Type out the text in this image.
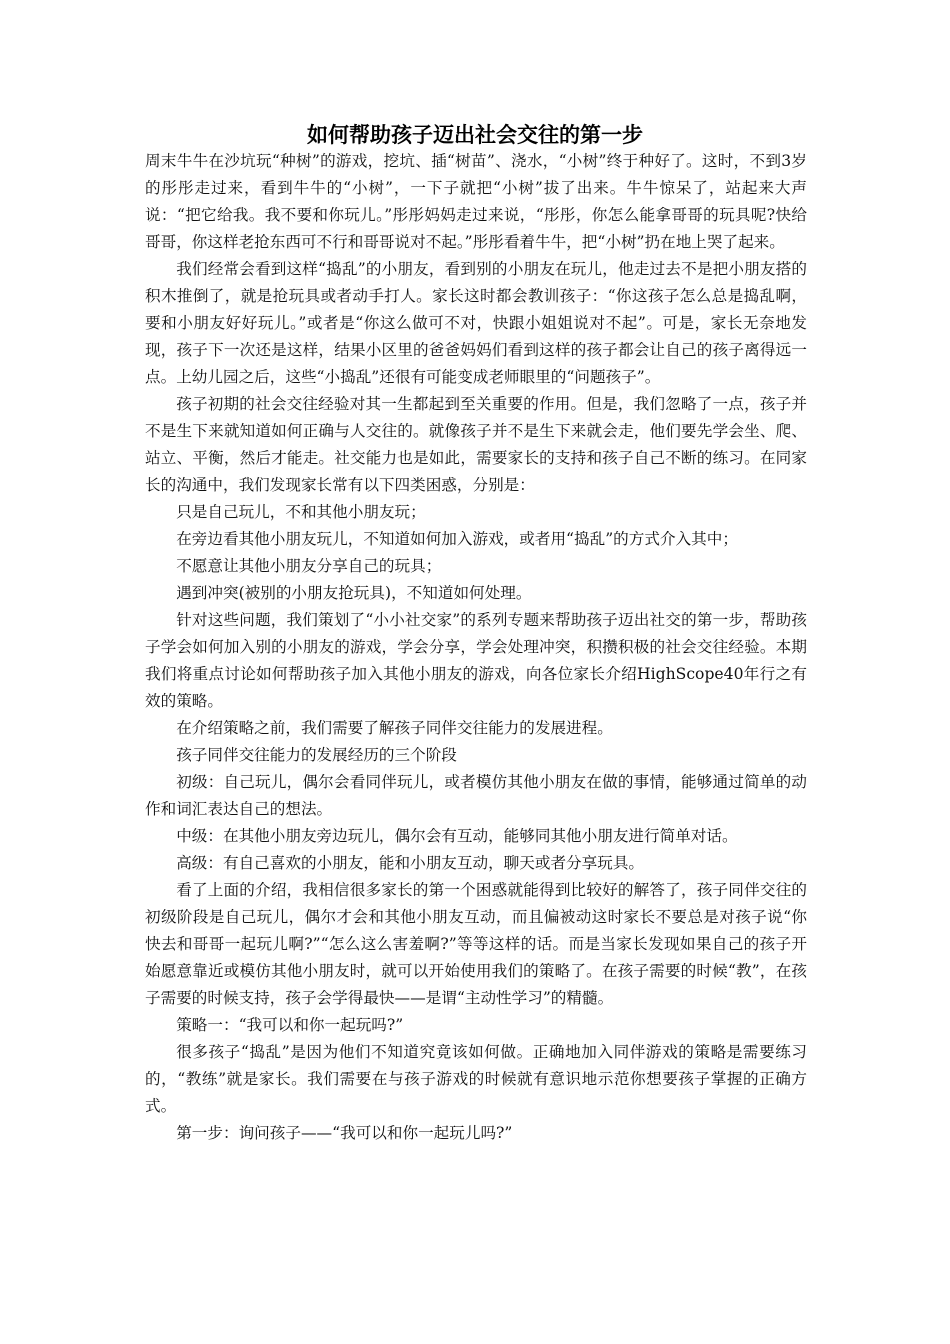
如何帮助孩子迈出社会交往的第一步

周末牛牛在沙坑玩“种树”的游戏，挖坑、插“树苗”、浇水，“小树”终于种好了。这时，不到3岁的彤彤走过来，看到牛牛的“小树”，一下子就把“小树”拔了出来。牛牛惊呆了，站起来大声说：“把它给我。我不要和你玩儿。”彤彤妈妈走过来说，“彤彤，你怎么能拿哥哥的玩具呢?快给哥哥，你这样老抢东西可不行和哥哥说对不起。”彤彤看着牛牛，把“小树”扔在地上哭了起来。

我们经常会看到这样“捣乱”的小朋友，看到别的小朋友在玩儿，他走过去不是把小朋友搭的积木推倒了，就是抢玩具或者动手打人。家长这时都会教训孩子：“你这孩子怎么总是捣乱啊，要和小朋友好好玩儿。”或者是“你这么做可不对，快跟小姐姐说对不起”。可是，家长无奈地发现，孩子下一次还是这样，结果小区里的爸爸妈妈们看到这样的孩子都会让自己的孩子离得远一点。上幼儿园之后，这些“小捣乱”还很有可能变成老师眼里的“问题孩子”。

孩子初期的社会交往经验对其一生都起到至关重要的作用。但是，我们忽略了一点，孩子并不是生下来就知道如何正确与人交往的。就像孩子并不是生下来就会走，他们要先学会坐、爬、站立、平衡，然后才能走。社交能力也是如此，需要家长的支持和孩子自己不断的练习。在同家长的沟通中，我们发现家长常有以下四类困惑，分别是：

只是自己玩儿，不和其他小朋友玩；

在旁边看其他小朋友玩儿，不知道如何加入游戏，或者用“捣乱”的方式介入其中；

不愿意让其他小朋友分享自己的玩具；

遇到冲突(被别的小朋友抢玩具)，不知道如何处理。

针对这些问题，我们策划了“小小社交家”的系列专题来帮助孩子迈出社交的第一步，帮助孩子学会如何加入别的小朋友的游戏，学会分享，学会处理冲突，积攒积极的社会交往经验。本期我们将重点讨论如何帮助孩子加入其他小朋友的游戏，向各位家长介绍HighScope40年行之有效的策略。

在介绍策略之前，我们需要了解孩子同伴交往能力的发展进程。

孩子同伴交往能力的发展经历的三个阶段

初级：自己玩儿，偶尔会看同伴玩儿，或者模仿其他小朋友在做的事情，能够通过简单的动作和词汇表达自己的想法。

中级：在其他小朋友旁边玩儿，偶尔会有互动，能够同其他小朋友进行简单对话。

高级：有自己喜欢的小朋友，能和小朋友互动，聊天或者分享玩具。

看了上面的介绍，我相信很多家长的第一个困惑就能得到比较好的解答了，孩子同伴交往的初级阶段是自己玩儿，偶尔才会和其他小朋友互动，而且偏被动这时家长不要总是对孩子说“你快去和哥哥一起玩儿啊?”“怎么这么害羞啊?”等等这样的话。而是当家长发现如果自己的孩子开始愿意靠近或模仿其他小朋友时，就可以开始使用我们的策略了。在孩子需要的时候“教”，在孩子需要的时候支持，孩子会学得最快——是谓“主动性学习”的精髓。

策略一：“我可以和你一起玩吗?”

很多孩子“捣乱”是因为他们不知道究竟该如何做。正确地加入同伴游戏的策略是需要练习的，“教练”就是家长。我们需要在与孩子游戏的时候就有意识地示范你想要孩子掌握的正确方式。

第一步：询问孩子——“我可以和你一起玩儿吗?”
